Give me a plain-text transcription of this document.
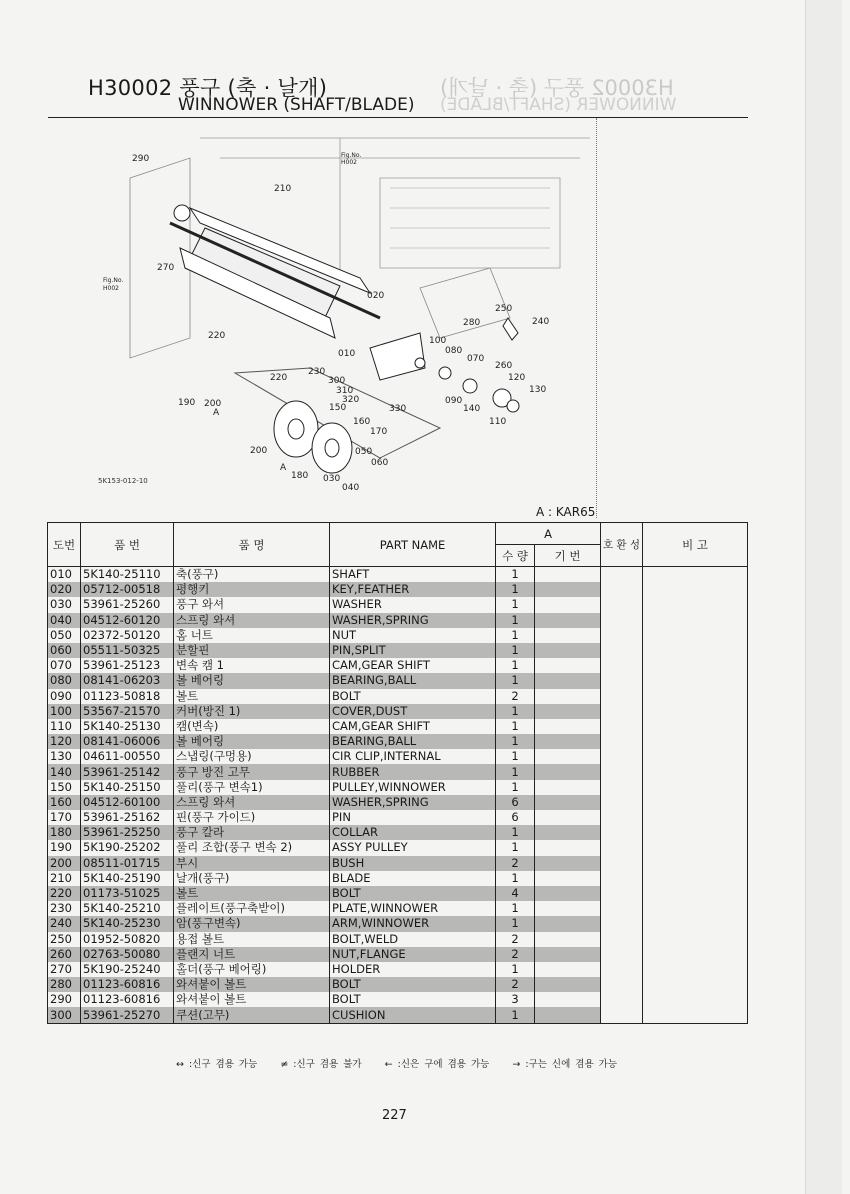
H30002 풍구 (축 · 날개)
WINNOWER (SHAFT/BLADE)
H30002 풍구 (축 · 날개)
WINNOWER (SHAFT/BLADE)
290
210
270
020
220
220
010
230
300
310
320
330
100
080
070
090
140
250
240
280
260
120
130
110
150
160
170
050
060
030
040
180
200
200
190
A
A
Fig.No.
H002
Fig.No.
H002
5K153-012-10
A : KAR65
도번	품 번	품 명	PART NAME	A		호 환 성	비 고
				수 량	기 번		
010	5K140-25110	축(풍구)	SHAFT	1			
020	05712-00518	평행키	KEY,FEATHER	1			
030	53961-25260	풍구 와셔	WASHER	1			
040	04512-60120	스프링 와셔	WASHER,SPRING	1			
050	02372-50120	홈 너트	NUT	1			
060	05511-50325	분할핀	PIN,SPLIT	1			
070	53961-25123	변속 캠 1	CAM,GEAR SHIFT	1			
080	08141-06203	볼 베어링	BEARING,BALL	1			
090	01123-50818	볼트	BOLT	2			
100	53567-21570	커버(방진 1)	COVER,DUST	1			
110	5K140-25130	캠(변속)	CAM,GEAR SHIFT	1			
120	08141-06006	볼 베어링	BEARING,BALL	1			
130	04611-00550	스냅링(구멍용)	CIR CLIP,INTERNAL	1			
140	53961-25142	풍구 방진 고무	RUBBER	1			
150	5K140-25150	풀리(풍구 변속1)	PULLEY,WINNOWER	1			
160	04512-60100	스프링 와셔	WASHER,SPRING	6			
170	53961-25162	핀(풍구 가이드)	PIN	6			
180	53961-25250	풍구 칼라	COLLAR	1			
190	5K190-25202	풀리 조합(풍구 변속 2)	ASSY PULLEY	1			
200	08511-01715	부시	BUSH	2			
210	5K140-25190	날개(풍구)	BLADE	1			
220	01173-51025	볼트	BOLT	4			
230	5K140-25210	플레이트(풍구축받이)	PLATE,WINNOWER	1			
240	5K140-25230	암(풍구변속)	ARM,WINNOWER	1			
250	01952-50820	용접 볼트	BOLT,WELD	2			
260	02763-50080	플랜지 너트	NUT,FLANGE	2			
270	5K190-25240	홀더(풍구 베어링)	HOLDER	1			
280	01123-60816	와셔붙이 볼트	BOLT	2			
290	01123-60816	와셔붙이 볼트	BOLT	3			
300	53961-25270	쿠션(고무)	CUSHION	1			
↔ :신구 겸용 가능 ≠ :신구 겸용 불가 ← :신은 구에 겸용 가능 → :구는 신에 겸용 가능
227
